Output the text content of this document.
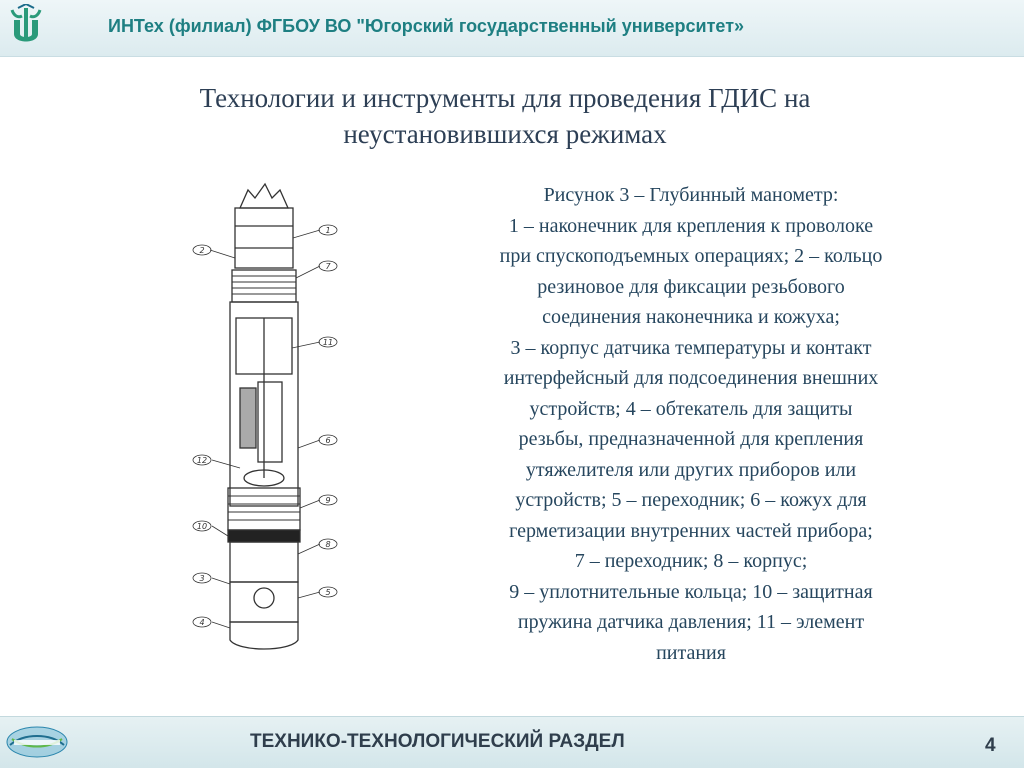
ИНТех (филиал) ФГБОУ ВО "Югорский государственный университет»
Технологии и инструменты для проведения ГДИС на
неустановившихся режимах
1
2
7
11
6
12
9
10
8
3
5
4
Рисунок 3 – Глубинный манометр:
1 – наконечник для крепления к проволоке
при спускоподъемных операциях; 2 – кольцо
резиновое для фиксации резьбового
соединения наконечника и кожуха;
3 – корпус датчика температуры и контакт
интерфейсный для подсоединения внешних
устройств; 4 – обтекатель для защиты
резьбы, предназначенной для крепления
утяжелителя или других приборов или
устройств; 5 – переходник; 6 – кожух для
герметизации внутренних частей прибора;
7 – переходник; 8 – корпус;
9 – уплотнительные кольца; 10 – защитная
пружина датчика давления; 11 – элемент
питания
ТЕХНИКО-ТЕХНОЛОГИЧЕСКИЙ РАЗДЕЛ	4
